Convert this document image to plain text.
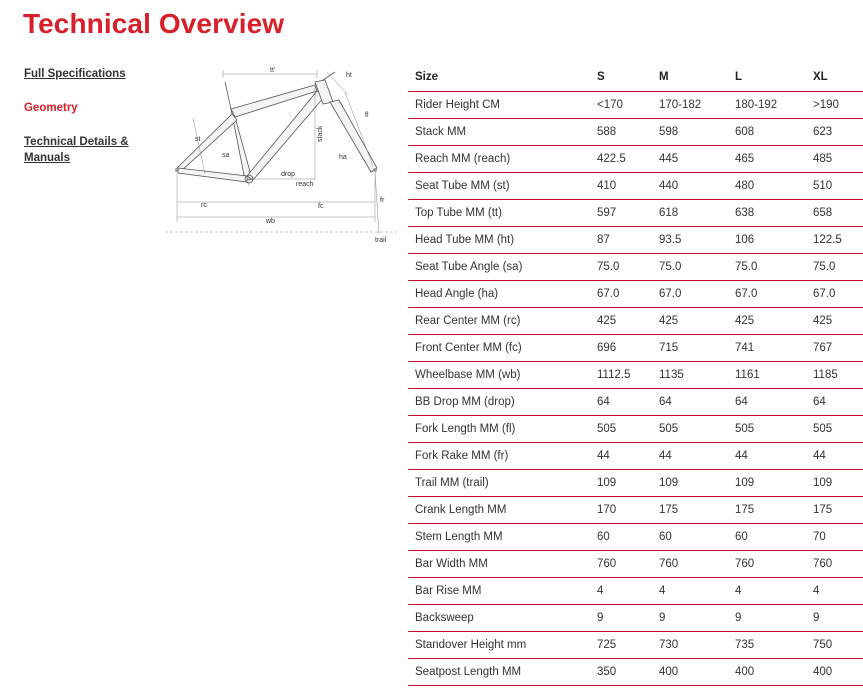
Technical Overview
Full Specifications
Geometry
Technical Details & Manuals
tt'
ht
fl
st	stack
sa	ha
drop
reach
rc	fc
fr
wb
trail
Size	S	M	L	XL
Rider Height CM	<170	170-182	180-192	>190
Stack MM	588	598	608	623
Reach MM (reach)	422.5	445	465	485
Seat Tube MM (st)	410	440	480	510
Top Tube MM (tt)	597	618	638	658
Head Tube MM (ht)	87	93.5	106	122.5
Seat Tube Angle (sa)	75.0	75.0	75.0	75.0
Head Angle (ha)	67.0	67.0	67.0	67.0
Rear Center MM (rc)	425	425	425	425
Front Center MM (fc)	696	715	741	767
Wheelbase MM (wb)	1112.5	1135	1161	1185
BB Drop MM (drop)	64	64	64	64
Fork Length MM (fl)	505	505	505	505
Fork Rake MM (fr)	44	44	44	44
Trail MM (trail)	109	109	109	109
Crank Length MM	170	175	175	175
Stem Length MM	60	60	60	70
Bar Width MM	760	760	760	760
Bar Rise MM	4	4	4	4
Backsweep	9	9	9	9
Standover Height mm	725	730	735	750
Seatpost Length MM	350	400	400	400
